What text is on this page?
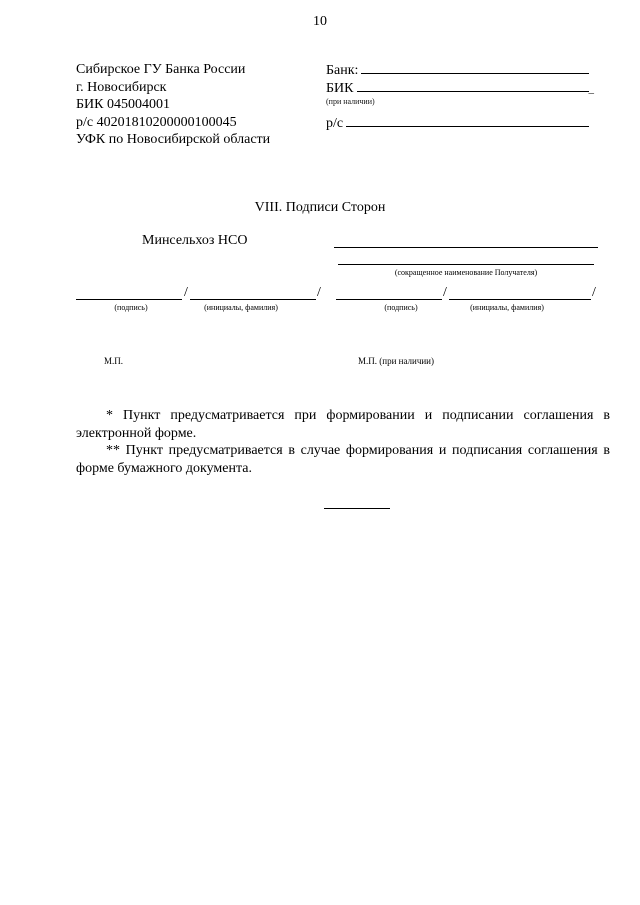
10
Сибирское ГУ Банка России
г. Новосибирск
БИК 045004001
р/с 40201810200000100045
УФК по Новосибирской области
Банк:
БИК	_
(при наличии)
р/с
VIII. Подписи Сторон
Минсельхоз НСО
(сокращенное наименование Получателя)
/	/
(подпись)	(инициалы, фамилия)
/	/
(подпись)	(инициалы, фамилия)
М.П.	М.П. (при наличии)

* Пункт предусматривается при формировании и подписании соглашения в электронной форме.

** Пункт предусматривается в случае формирования и подписания соглашения в форме бумажного документа.
